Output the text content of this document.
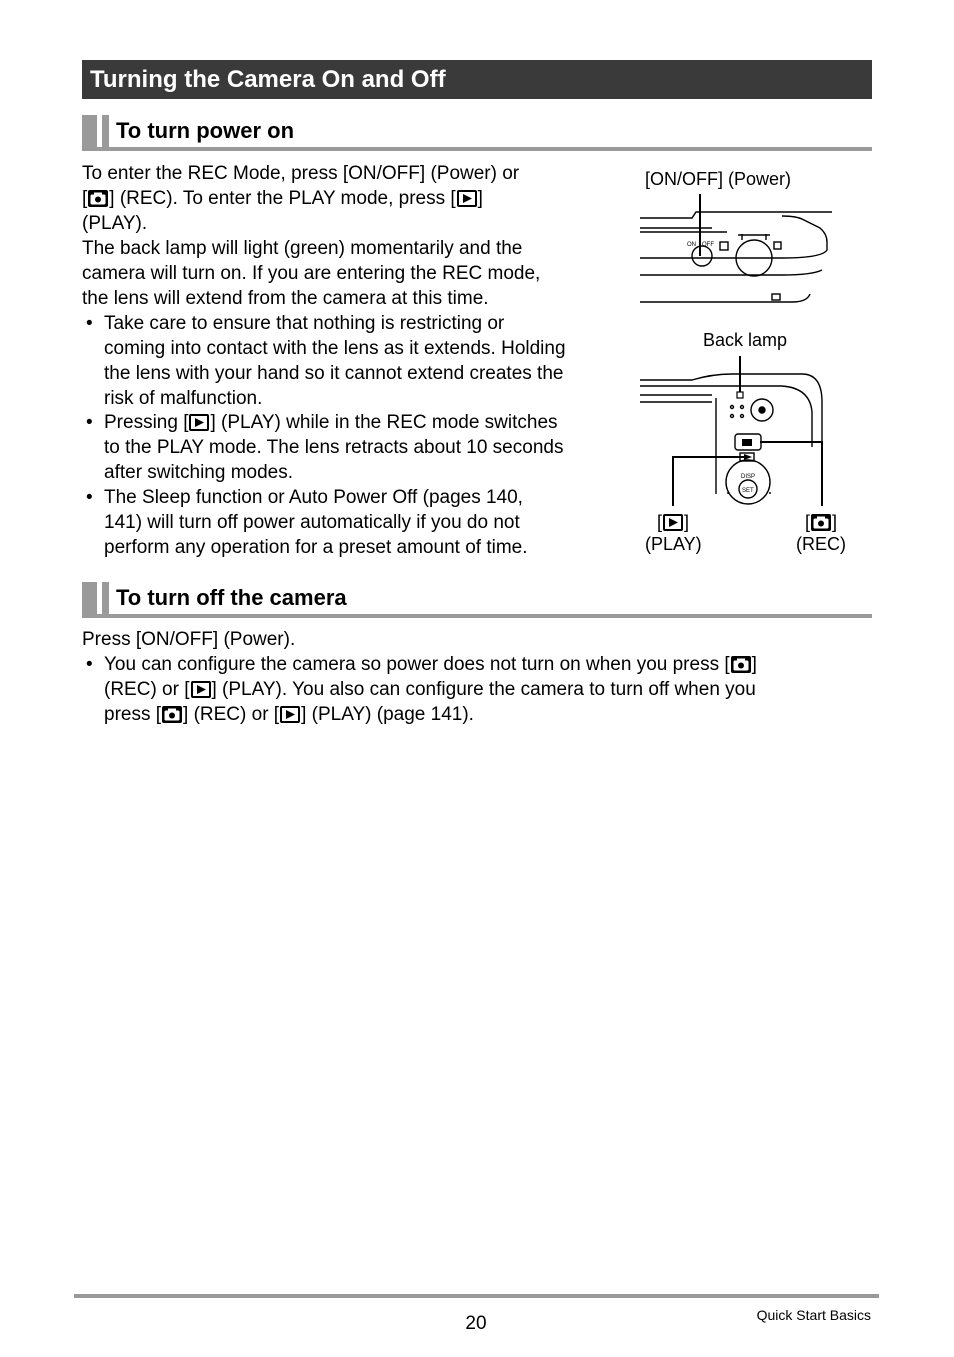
Turning the Camera On and Off
To turn power on
To enter the REC Mode, press [ON/OFF] (Power) or
[ ] (REC). To enter the PLAY mode, press [ ]
(PLAY).
The back lamp will light (green) momentarily and the
camera will turn on. If you are entering the REC mode,
the lens will extend from the camera at this time.
• Take care to ensure that nothing is restricting or
coming into contact with the lens as it extends. Holding
the lens with your hand so it cannot extend creates the
risk of malfunction.
• Pressing [ ] (PLAY) while in the REC mode switches
to the PLAY mode. The lens retracts about 10 seconds
after switching modes.
• The Sleep function or Auto Power Off (pages 140,
141) will turn off power automatically if you do not
perform any operation for a preset amount of time.
[ON/OFF] (Power)
ON OFF
Back lamp
DISP
SET
[ ]
(PLAY)
[ ]
(REC)
To turn off the camera
Press [ON/OFF] (Power).
• You can configure the camera so power does not turn on when you press [ ]
(REC) or [ ] (PLAY). You also can configure the camera to turn off when you
press [ ] (REC) or [ ] (PLAY) (page 141).
20	Quick Start Basics
